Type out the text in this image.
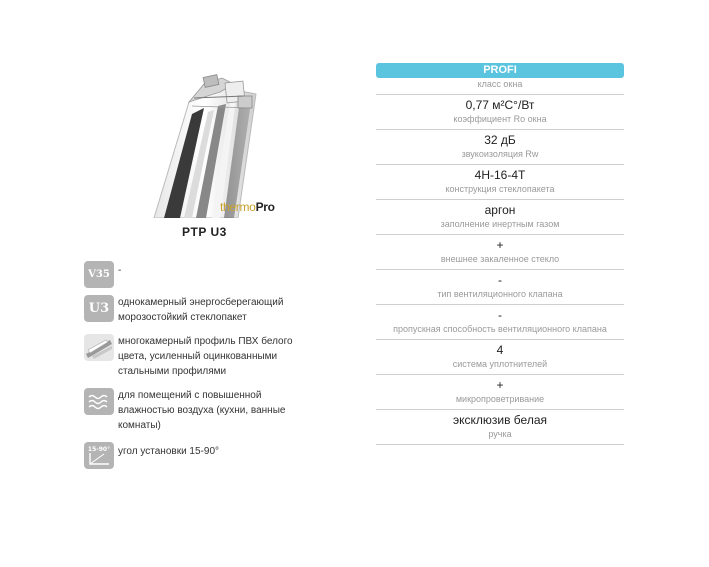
thermoPro
PTP U3
V35 -
U3 однокамерный энергосберегающий морозостойкий стеклопакет
многокамерный профиль ПВХ белого цвета, усиленный оцинкованными стальными профилями
для помещений с повышенной влажностью воздуха (кухни, ванные комнаты)
15-90° угол установки 15-90°
PROFI
класс окна
0,77 м²С°/Вт
коэффициент Ro окна
32 дБ
звукоизоляция Rw
4Н-16-4Т
конструкция стеклопакета
аргон
заполнение инертным газом
+
внешнее закаленное стекло
-
тип вентиляционного клапана
-
пропускная способность вентиляционного клапана
4
система уплотнителей
+
микропроветривание
эксклюзив белая
ручка
